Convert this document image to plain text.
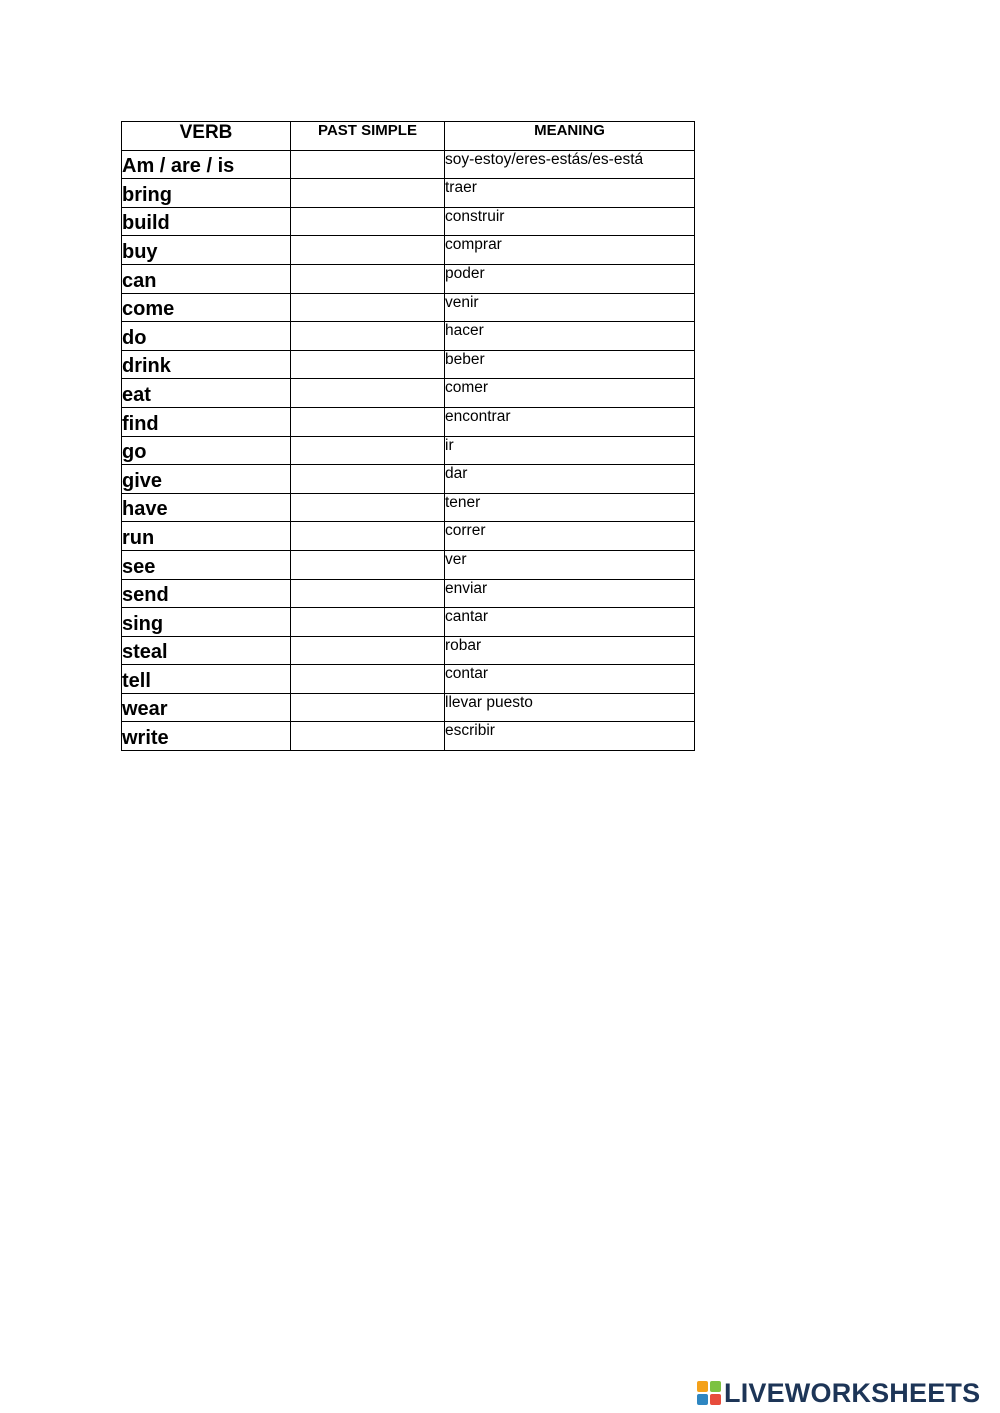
VERB	PAST SIMPLE	MEANING
Am / are / is		soy-estoy/eres-estás/es-está
bring		traer
build		construir
buy		comprar
can		poder
come		venir
do		hacer
drink		beber
eat		comer
find		encontrar
go		ir
give		dar
have		tener
run		correr
see		ver
send		enviar
sing		cantar
steal		robar
tell		contar
wear		llevar puesto
write		escribir
LIVEWORKSHEETS
